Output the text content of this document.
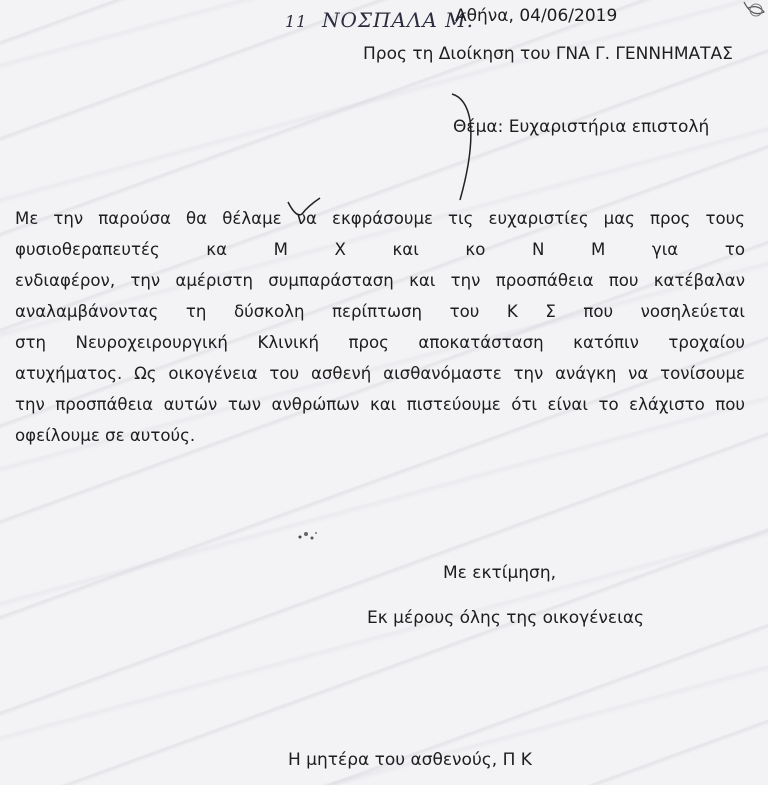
11 ΝΟΣΠΑΛΑ Μ.
Αθήνα, 04/06/2019
Προς τη Διοίκηση του ΓΝΑ Γ. ΓΕΝΝΗΜΑΤΑΣ
Θέμα: Ευχαριστήρια επιστολή
Με την παρούσα θα θέλαμε να εκφράσουμε τις ευχαριστίες μας προς τους
φυσιοθεραπευτές κα Μ Χ και κο Ν Μ για το
ενδιαφέρον, την αμέριστη συμπαράσταση και την προσπάθεια που κατέβαλαν
αναλαμβάνοντας τη δύσκολη περίπτωση του Κ Σ που νοσηλεύεται
στη Νευροχειρουργική Κλινική προς αποκατάσταση κατόπιν τροχαίου
ατυχήματος. Ως οικογένεια του ασθενή αισθανόμαστε την ανάγκη να τονίσουμε
την προσπάθεια αυτών των ανθρώπων και πιστεύουμε ότι είναι το ελάχιστο που
οφείλουμε σε αυτούς.
Με εκτίμηση,
Εκ μέρους όλης της οικογένειας
Η μητέρα του ασθενούς, Π Κ
